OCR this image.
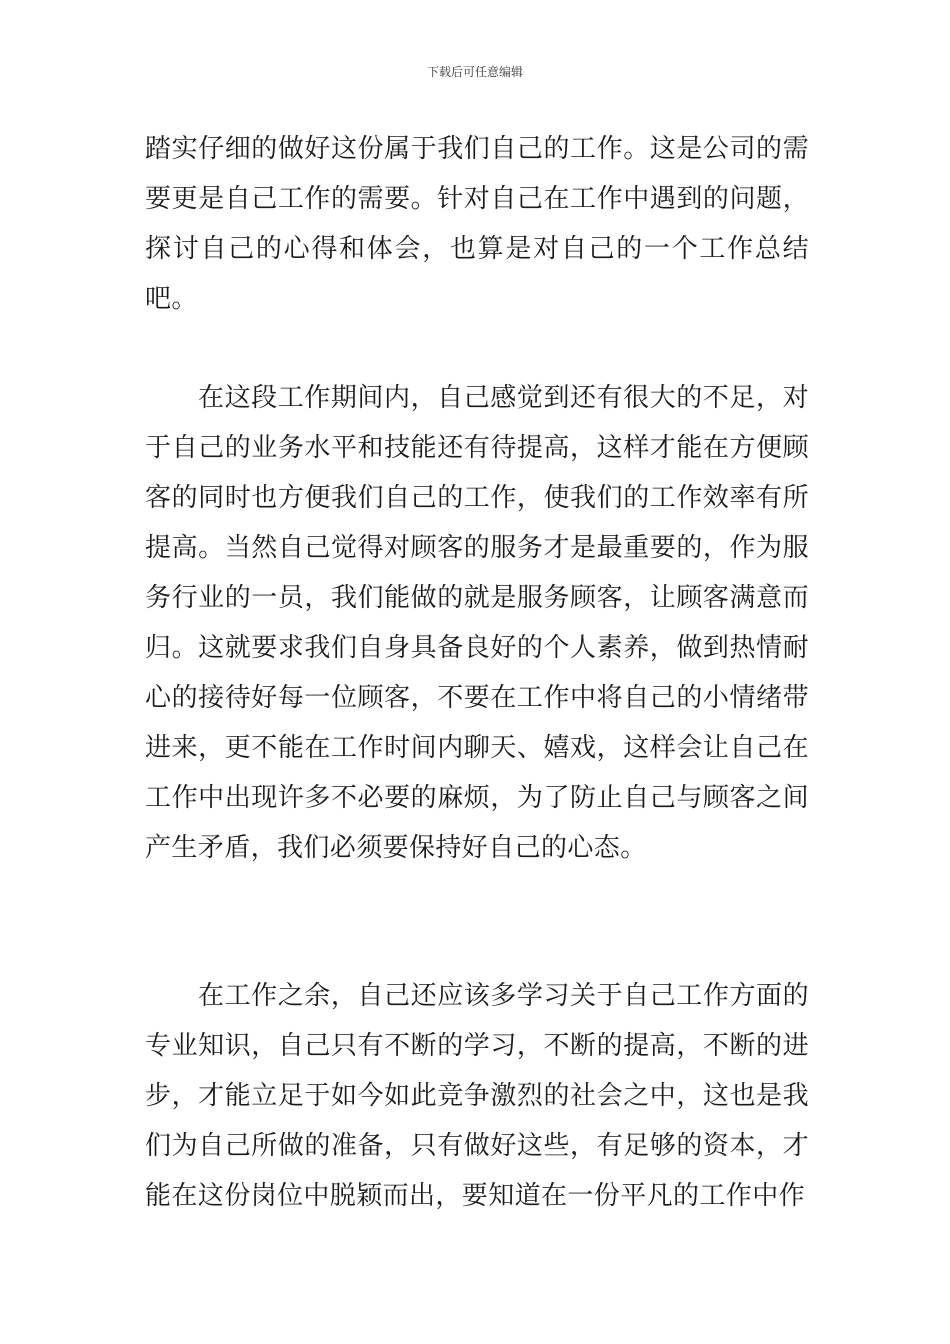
下载后可任意编辑

踏实仔细的做好这份属于我们自己的工作。这是公司的需要更是自己工作的需要。针对自己在工作中遇到的问题，探讨自己的心得和体会，也算是对自己的一个工作总结吧。

在这段工作期间内，自己感觉到还有很大的不足，对于自己的业务水平和技能还有待提高，这样才能在方便顾客的同时也方便我们自己的工作，使我们的工作效率有所提高。当然自己觉得对顾客的服务才是最重要的，作为服务行业的一员，我们能做的就是服务顾客，让顾客满意而归。这就要求我们自身具备良好的个人素养，做到热情耐心的接待好每一位顾客，不要在工作中将自己的小情绪带进来，更不能在工作时间内聊天、嬉戏，这样会让自己在工作中出现许多不必要的麻烦，为了防止自己与顾客之间产生矛盾，我们必须要保持好自己的心态。

在工作之余，自己还应该多学习关于自己工作方面的专业知识，自己只有不断的学习，不断的提高，不断的进步，才能立足于如今如此竞争激烈的社会之中，这也是我们为自己所做的准备，只有做好这些，有足够的资本，才能在这份岗位中脱颖而出，要知道在一份平凡的工作中作
